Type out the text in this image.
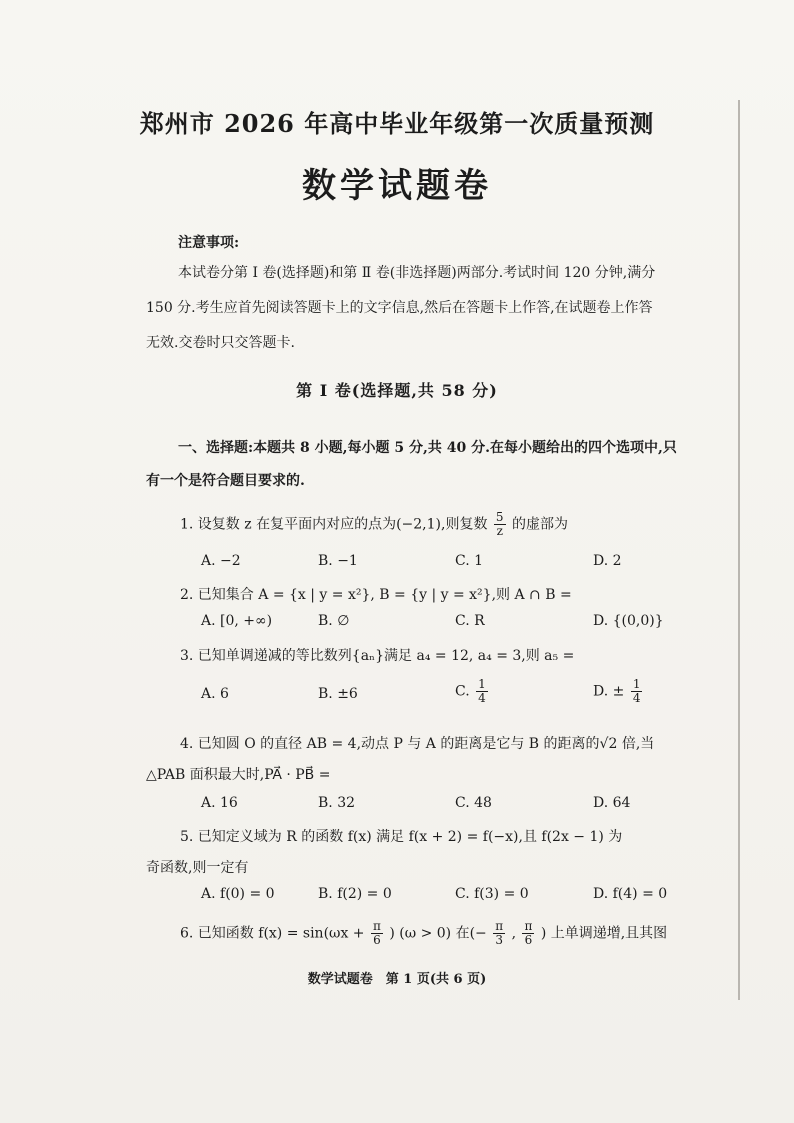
郑州市 2026 年高中毕业年级第一次质量预测
数学试题卷
注意事项:
本试卷分第 Ⅰ 卷(选择题)和第 Ⅱ 卷(非选择题)两部分.考试时间 120 分钟,满分 150 分.考生应首先阅读答题卡上的文字信息,然后在答题卡上作答,在试题卷上作答无效.交卷时只交答题卡.
第 Ⅰ 卷(选择题,共 58 分)
一、选择题:本题共 8 小题,每小题 5 分,共 40 分.在每小题给出的四个选项中,只有一个是符合题目要求的.
1. 设复数 z 在复平面内对应的点为(−2,1),则复数 $\frac{5}{z}$ 的虚部为
A. −2	B. −1	C. 1	D. 2
2. 已知集合 A = {x | y = x²}, B = {y | y = x²},则 A ∩ B =
A. [0, +∞)	B. ∅	C. R	D. {(0,0)}
3. 已知单调递减的等比数列{aₙ}满足 a₄ = 12, a₄ = 3,则 a₅ =
A. 6	B. ±6	C. $\frac{1}{4}$	D. ± $\frac{1}{4}$
4. 已知圆 O 的直径 AB = 4,动点 P 与 A 的距离是它与 B 的距离的√2 倍,当
△PAB 面积最大时,PA⃗ · PB⃗ =
A. 16	B. 32	C. 48	D. 64
5. 已知定义域为 R 的函数 f(x) 满足 f(x + 2) = f(−x),且 f(2x − 1) 为
奇函数,则一定有
A. f(0) = 0	B. f(2) = 0	C. f(3) = 0	D. f(4) = 0
6. 已知函数 $f(x) = \sin(\omega x + \frac{\pi}{6}$ ) (ω > 0) 在(− $\frac{\pi}{3}$ , $\frac{\pi}{6}$ ) 上单调递增,且其图
数学试题卷　第 1 页(共 6 页)
